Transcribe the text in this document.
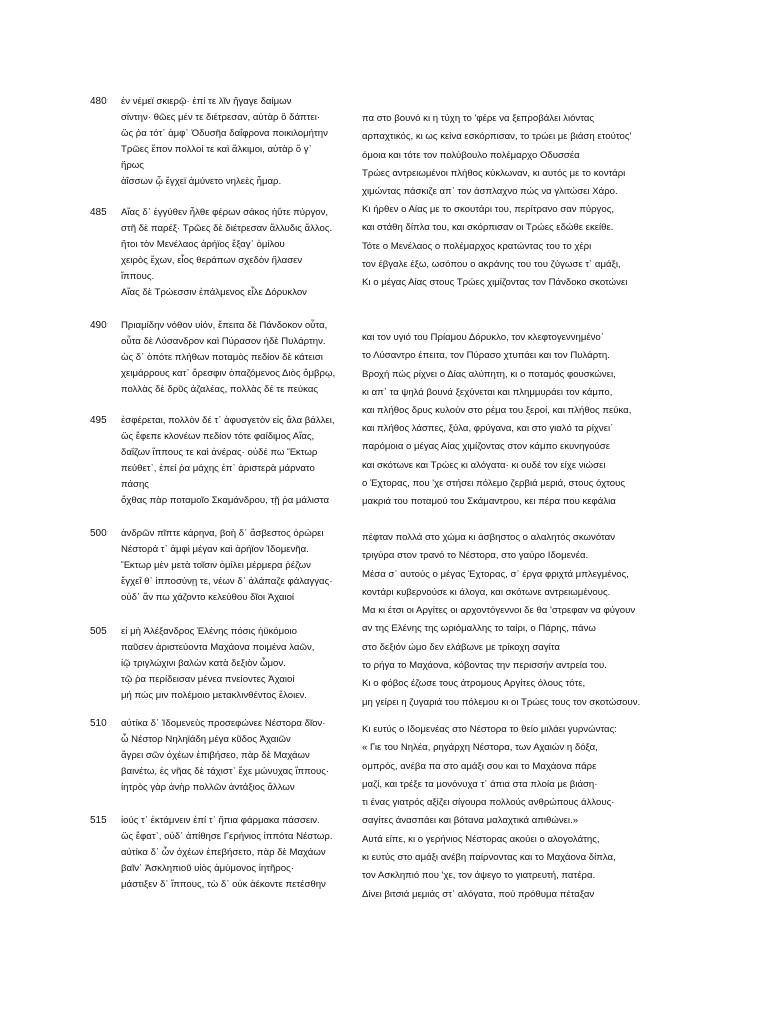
480 ἐν νέμεϊ σκιερῷ· ἐπί τε λῖν ἤγαγε δαίμων
σίντην· θῶες μέν τε διέτρεσαν, αὐτὰρ ὃ δάπτει·
ὣς ῥα τότ᾽ ἀμφ᾽ Ὀδυσῆα δαΐφρονα ποικιλομήτην
Τρῶες ἕπον πολλοί τε καὶ ἄλκιμοι, αὐτὰρ ὅ γ᾽
ἥρως
ἀΐσσων ᾧ ἔγχεϊ ἀμύνετο νηλεὲς ἦμαρ.
πα στο βουνό κι η τύχη το 'φέρε να ξεπροβάλει λιόντας
αρπαχτικός, κι ως κείνα εσκόρπισαν, το τρώει με βιάση ετούτος'
όμοια και τότε τον πολύβουλο πολέμαρχο Οδυσσέα
Τρώες αντρειωμένοι πλήθος κύκλωναν, κι αυτός με το κοντάρι
χιμώντας πάσκιζε απ᾽ τον άσπλαχνο πώς να γλιτώσει Χάρο.
485 Αἴας δ᾽ ἐγγύθεν ἦλθε φέρων σάκος ἠΰτε πύργον,
στῆ δὲ παρέξ· Τρῶες δὲ διέτρεσαν ἄλλυδις ἄλλος.
ἤτοι τὸν Μενέλαος ἀρήϊος ἔξαγ᾽ ὁμίλου
χειρὸς ἔχων, εἷος θεράπων σχεδὸν ἤλασεν
ἵππους.
Αἴας δὲ Τρώεσσιν ἐπάλμενος εἷλε Δόρυκλον
Κι ήρθεν ο Αίας με το σκουτάρι του, περίτρανο σαν πύργος,
και στάθη δίπλα του, και σκόρπισαν οι Τρώες εδώθε εκείθε.
Τότε ο Μενέλαος ο πολέμαρχος κρατώντας του το χέρι
τον έβγαλε έξω, ωσόπου ο ακράνης του του ζύγωσε τ᾽ αμάξι,
Κι ο μέγας Αίας στους Τρώες χιμίζοντας τον Πάνδοκο σκοτώνει
490 Πριαμίδην νόθον υἱόν, ἔπειτα δὲ Πάνδοκον οὖτα,
οὖτα δὲ Λύσανδρον καὶ Πύρασον ἠδὲ Πυλάρτην.
ὡς δ᾽ ὁπότε πλήθων ποταμὸς πεδίον δὲ κάτεισι
χειμάρρους κατ᾽ ὄρεσφιν ὀπαζόμενος Διὸς ὄμβρῳ,
πολλὰς δὲ δρῦς ἀζαλέας, πολλὰς δέ τε πεύκας
και τον υγιό του Πρίαμου Δόρυκλο, τον κλεφτογεννημένο᾽
το Λύσαντρο έπειτα, τον Πύρασο χτυπάει και τον Πυλάρτη.
Βροχή πώς ρίχνει ο Δίας αλύπητη, κι ο ποταμός φουσκώνει,
κι απ᾽ τα ψηλά βουνά ξεχύνεται και πλημμυράει τον κάμπο,
και πλήθος δρυς κυλούν στο ρέμα του ξεροί, και πλήθος πεύκα,
495 ἐσφέρεται, πολλὸν δέ τ᾽ ἀφυσγετὸν εἰς ἅλα βάλλει,
ὣς ἔφεπε κλονέων πεδίον τότε φαίδιμος Αἴας,
δαΐζων ἵππους τε καὶ ἀνέρας· οὐδέ πω Ἕκτωρ
πεύθετ᾽, ἐπεί ῥα μάχης ἐπ᾽ ἀριστερὰ μάρνατο
πάσης
ὄχθας πὰρ ποταμοῖο Σκαμάνδρου, τῇ ῥα μάλιστα
και πλήθος λάσπες, ξύλα, φρύγανα, και στο γιαλό τα ρίχνει᾽
παρόμοια ο μέγας Αίας χιμίζοντας στον κάμπο εκυνηγούσε
και σκότωνε και Τρώες κι αλόγατα· κι ουδέ τον είχε νιώσει
ο Έχτορας, που 'χε στήσει πόλεμο ζερβιά μεριά, στους όχτους
μακριά του ποταμού του Σκάμαντρου, κει πέρα που κεφάλια
500 ἀνδρῶν πῖπτε κάρηνα, βοὴ δ᾽ ἄσβεστος ὀρώρει
Νέστορά τ᾽ ἀμφὶ μέγαν καὶ ἀρήϊον Ἰδομενῆα.
Ἕκτωρ μὲν μετὰ τοῖσιν ὁμίλει μέρμερα ῥέζων
ἔγχεΐ θ᾽ ἱπποσύνῃ τε, νέων δ᾽ ἀλάπαζε φάλαγγας·
οὐδ᾽ ἄν πω χάζοντο κελεύθου δῖοι Ἀχαιοί
πέφταν πολλά στο χώμα κι άσβηστος ο αλαλητός σκωνόταν
τριγύρα στον τρανό το Νέστορα, στο γαύρο Ιδομενέα.
Μέσα σ᾽ αυτούς ο μέγας Έχτορας, σ᾽ έργα φριχτά μπλεγμένος,
κοντάρι κυβερνούσε κι άλογα, και σκότωνε αντρειωμένους.
Μα κι έτσι οι Αργίτες οι αρχοντόγεννοι δε θα 'στρεφαν να φύγουν
αν της Ελένης της ωριόμαλλης το ταίρι, ο Πάρης, πάνω
στο δεξιόν ώμο δεν ελάβωνε με τρίκοχη σαγίτα
το ρήγα το Μαχάονα, κόβοντας την περισσήν αντρεία του.
Κι ο φόβος έζωσε τους άτρομους Αργίτες όλους τότε,
μη γείρει η ζυγαριά του πόλεμου κι οι Τρώες τους τον σκοτώσουν.
505 εἰ μὴ Ἀλέξανδρος Ἑλένης πόσις ἠϋκόμοιο
παῦσεν ἀριστεύοντα Μαχάονα ποιμένα λαῶν,
ἰῷ τριγλώχινι βαλὼν κατὰ δεξιὸν ὦμον.
τῷ ῥα περίδεισαν μένεα πνείοντες Ἀχαιοί
μή πώς μιν πολέμοιο μετακλινθέντος ἕλοιεν.
510 αὐτίκα δ᾽ Ἰδομενεὺς προσεφώνεε Νέστορα δῖον·
ὦ Νέστορ Νηληϊάδη μέγα κῦδος Ἀχαιῶν
ἄγρει σῶν ὀχέων ἐπιβήσεο, πὰρ δὲ Μαχάων
βαινέτω, ἐς νῆας δὲ τάχιστ᾽ ἔχε μώνυχας ἵππους·
ἰητρὸς γὰρ ἀνὴρ πολλῶν ἀντάξιος ἄλλων
Κι ευτύς ο Ιδομενέας στο Νέστορα το θείο μιλάει γυρνώντας:
« Γιε του Νηλέα, ρηγάρχη Νέστορα, των Αχαιών η δόξα,
ομπρός, ανέβα πα στο αμάξι σου και το Μαχάονα πάρε
μαζί, και τρέξε τα μονόνυχα τ᾽ άπια στα πλοία με βιάση·
τι ένας γιατρός αξίζει σίγουρα πολλούς ανθρώπους άλλους·
σαγίτες άνασπάει και βότανα μαλαχτικά απιθώνει.»
Αυτά είπε, κι ο γερήνιος Νέστορας ακούει ο αλογολάτης,
κι ευτύς στο αμάξι ανέβη παίρνοντας και το Μαχάονα δίπλα,
τον Ασκληπιό που 'χε, τον άψεγο το γιατρευτή, πατέρα.
Δίνει βιτσιά μεμιάς στ᾽ αλόγατα, πού πρόθυμα πέταξαν
515 ἰούς τ᾽ ἐκτάμνειν ἐπί τ᾽ ἤπια φάρμακα πάσσειν.
ὣς ἔφατ᾽, οὐδ᾽ ἀπίθησε Γερήνιος ἱππότα Νέστωρ.
αὐτίκα δ᾽ ὧν ὀχέων ἐπεβήσετο, πὰρ δὲ Μαχάων
βαῖν᾽ Ἀσκληπιοῦ υἱὸς ἀμύμονος ἰητῆρος·
μάστιξεν δ᾽ ἵππους, τὼ δ᾽ οὐκ ἀέκοντε πετέσθην
